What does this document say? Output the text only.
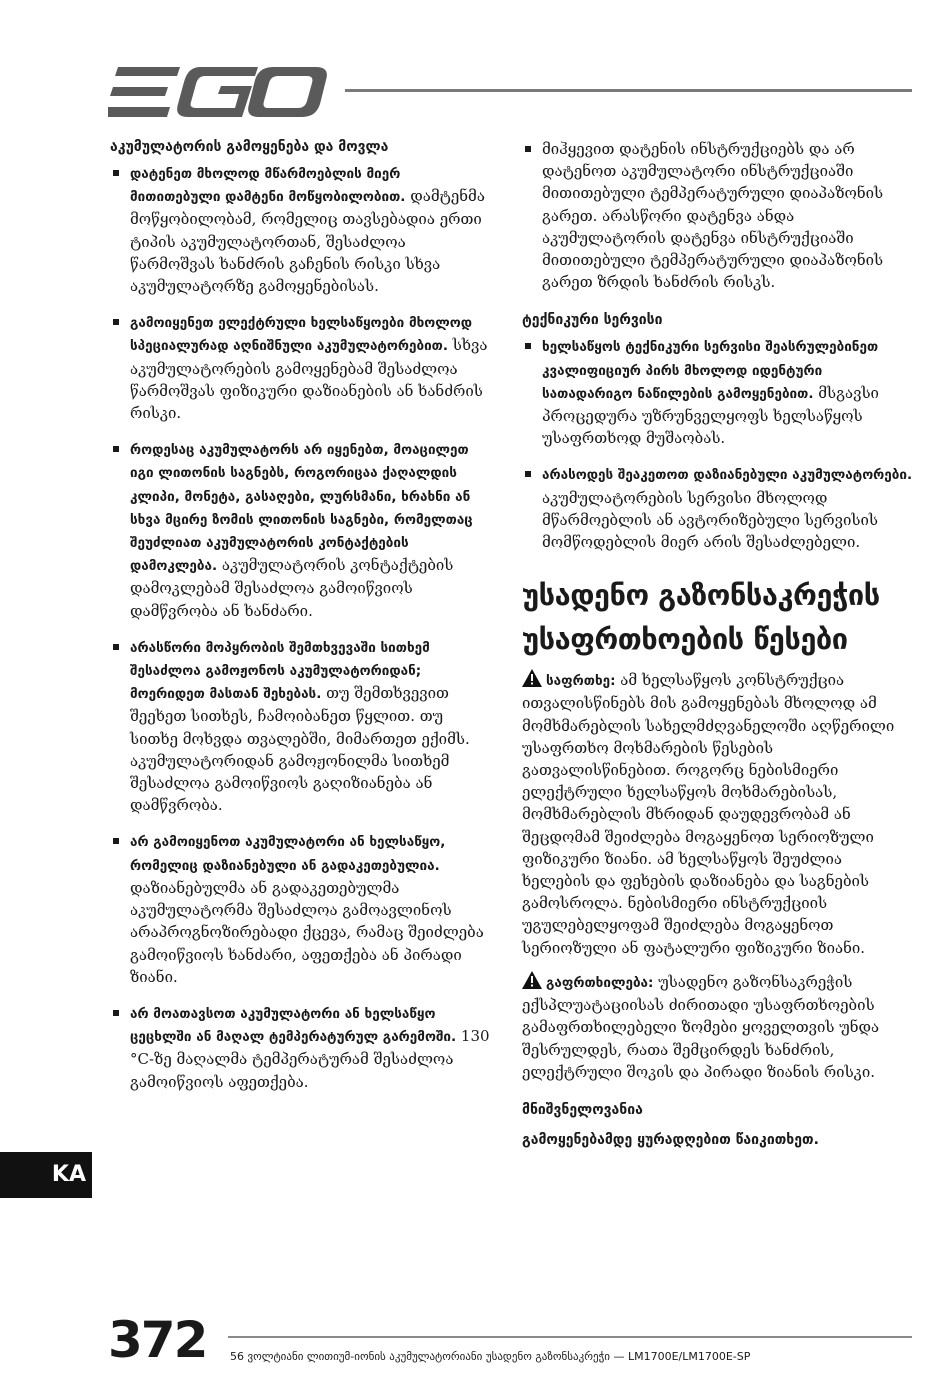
EGO
აკუმულატორის გამოყენება და მოვლა
დატენეთ მხოლოდ მწარმოებლის მიერ მითითებული დამტენი მოწყობილობით. დამტენმა მოწყობილობამ, რომელიც თავსებადია ერთი ტიპის აკუმულატორთან, შესაძლოა წარმოშვას ხანძრის გაჩენის რისკი სხვა აკუმულატორზე გამოყენებისას.
გამოიყენეთ ელექტრული ხელსაწყოები მხოლოდ სპეციალურად აღნიშნული აკუმულატორებით. სხვა აკუმულატორების გამოყენებამ შესაძლოა წარმოშვას ფიზიკური დაზიანების ან ხანძრის რისკი.
როდესაც აკუმულატორს არ იყენებთ, მოაცილეთ იგი ლითონის საგნებს, როგორიცაა ქაღალდის კლიპი, მონეტა, გასაღები, ლურსმანი, ხრახნი ან სხვა მცირე ზომის ლითონის საგნები, რომელთაც შეუძლიათ აკუმულატორის კონტაქტების დამოკლება. აკუმულატორის კონტაქტების დამოკლებამ შესაძლოა გამოიწვიოს დამწვრობა ან ხანძარი.
არასწორი მოპყრობის შემთხვევაში სითხემ შესაძლოა გამოჟონოს აკუმულატორიდან; მოერიდეთ მასთან შეხებას. თუ შემთხვევით შეეხეთ სითხეს, ჩამოიბანეთ წყლით. თუ სითხე მოხვდა თვალებში, მიმართეთ ექიმს. აკუმულატორიდან გამოჟონილმა სითხემ შესაძლოა გამოიწვიოს გაღიზიანება ან დამწვრობა.
არ გამოიყენოთ აკუმულატორი ან ხელსაწყო, რომელიც დაზიანებული ან გადაკეთებულია. დაზიანებულმა ან გადაკეთებულმა აკუმულატორმა შესაძლოა გამოავლინოს არაპროგნოზირებადი ქცევა, რამაც შეიძლება გამოიწვიოს ხანძარი, აფეთქება ან პირადი ზიანი.
არ მოათავსოთ აკუმულატორი ან ხელსაწყო ცეცხლში ან მაღალ ტემპერატურულ გარემოში. 130 °C-ზე მაღალმა ტემპერატურამ შესაძლოა გამოიწვიოს აფეთქება.
მიჰყევით დატენის ინსტრუქციებს და არ დატენოთ აკუმულატორი ინსტრუქციაში მითითებული ტემპერატურული დიაპაზონის გარეთ. არასწორი დატენვა ანდა აკუმულატორის დატენვა ინსტრუქციაში მითითებული ტემპერატურული დიაპაზონის გარეთ ზრდის ხანძრის რისკს.
ტექნიკური სერვისი
ხელსაწყოს ტექნიკური სერვისი შეასრულებინეთ კვალიფიციურ პირს მხოლოდ იდენტური სათადარიგო ნაწილების გამოყენებით. მსგავსი პროცედურა უზრუნველყოფს ხელსაწყოს უსაფრთხოდ მუშაობას.
არასოდეს შეაკეთოთ დაზიანებული აკუმულატორები. აკუმულატორების სერვისი მხოლოდ მწარმოებლის ან ავტორიზებული სერვისის მომწოდებლის მიერ არის შესაძლებელი.
უსადენო გაზონსაკრეჭის უსაფრთხოების წესები

საფრთხე: ამ ხელსაწყოს კონსტრუქცია ითვალისწინებს მის გამოყენებას მხოლოდ ამ მომხმარებლის სახელმძღვანელოში აღწერილი უსაფრთხო მოხმარების წესების გათვალისწინებით. როგორც ნებისმიერი ელექტრული ხელსაწყოს მოხმარებისას, მომხმარებლის მხრიდან დაუდევრობამ ან შეცდომამ შეიძლება მოგაყენოთ სერიოზული ფიზიკური ზიანი. ამ ხელსაწყოს შეუძლია ხელების და ფეხების დაზიანება და საგნების გამოსროლა. ნებისმიერი ინსტრუქციის უგულებელყოფამ შეიძლება მოგაყენოთ სერიოზული ან ფატალური ფიზიკური ზიანი.

გაფრთხილება: უსადენო გაზონსაკრეჭის ექსპლუატაციისას ძირითადი უსაფრთხოების გამაფრთხილებელი ზომები ყოველთვის უნდა შესრულდეს, რათა შემცირდეს ხანძრის, ელექტრული შოკის და პირადი ზიანის რისკი.

მნიშვნელოვანია

გამოყენებამდე ყურადღებით წაიკითხეთ.

KA
372 56 ვოლტიანი ლითიუმ-იონის აკუმულატორიანი უსადენო გაზონსაკრეჭი — LM1700E/LM1700E-SP
